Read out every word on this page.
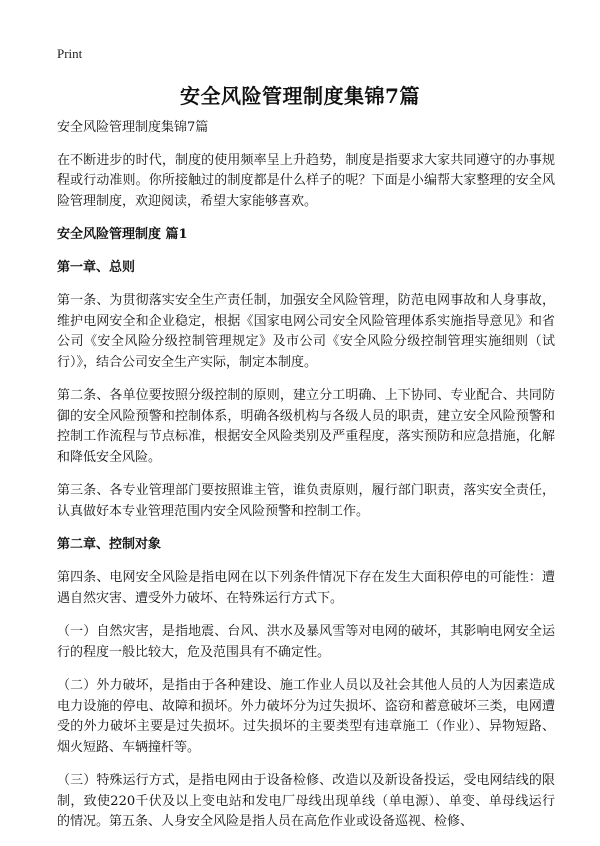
Print
安全风险管理制度集锦7篇

安全风险管理制度集锦7篇

在不断进步的时代，制度的使用频率呈上升趋势，制度是指要求大家共同遵守的办事规程或行动准则。你所接触过的制度都是什么样子的呢？下面是小编帮大家整理的安全风险管理制度，欢迎阅读，希望大家能够喜欢。

安全风险管理制度 篇1

第一章、总则

第一条、为贯彻落实安全生产责任制，加强安全风险管理，防范电网事故和人身事故，维护电网安全和企业稳定，根据《国家电网公司安全风险管理体系实施指导意见》和省公司《安全风险分级控制管理规定》及市公司《安全风险分级控制管理实施细则（试行）》，结合公司安全生产实际，制定本制度。

第二条、各单位要按照分级控制的原则，建立分工明确、上下协同、专业配合、共同防御的安全风险预警和控制体系，明确各级机构与各级人员的职责，建立安全风险预警和控制工作流程与节点标准，根据安全风险类别及严重程度，落实预防和应急措施，化解和降低安全风险。

第三条、各专业管理部门要按照谁主管，谁负责原则，履行部门职责，落实安全责任，认真做好本专业管理范围内安全风险预警和控制工作。

第二章、控制对象

第四条、电网安全风险是指电网在以下列条件情况下存在发生大面积停电的可能性：遭遇自然灾害、遭受外力破坏、在特殊运行方式下。

（一）自然灾害，是指地震、台风、洪水及暴风雪等对电网的破坏，其影响电网安全运行的程度一般比较大，危及范围具有不确定性。

（二）外力破坏，是指由于各种建设、施工作业人员以及社会其他人员的人为因素造成电力设施的停电、故障和损坏。外力破坏分为过失损坏、盗窃和蓄意破坏三类，电网遭受的外力破坏主要是过失损坏。过失损坏的主要类型有违章施工（作业）、异物短路、烟火短路、车辆撞杆等。

（三）特殊运行方式，是指电网由于设备检修、改造以及新设备投运，受电网结线的限制，致使220千伏及以上变电站和发电厂母线出现单线（单电源）、单变、单母线运行的情况。第五条、人身安全风险是指人员在高危作业或设备巡视、检修、
